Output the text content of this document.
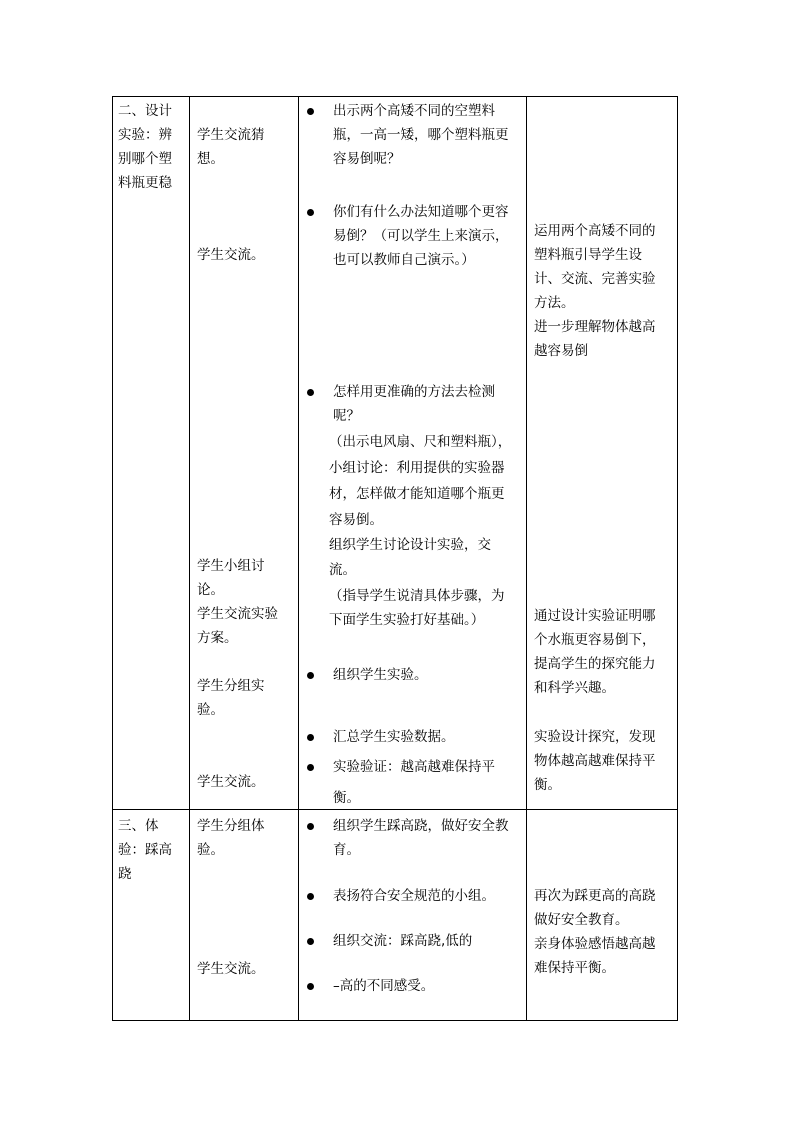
二、设计
实验：辨
别哪个塑
料瓶更稳
学生交流猜
想。
学生交流。
学生小组讨
论。
学生交流实验
方案。
学生分组实
验。
学生交流。
出示两个高矮不同的空塑料
瓶，一高一矮，哪个塑料瓶更
容易倒呢？
你们有什么办法知道哪个更容
易倒？（可以学生上来演示，
也可以教师自己演示。）
怎样用更准确的方法去检测
呢？
（出示电风扇、尺和塑料瓶），
小组讨论：利用提供的实验器
材，怎样做才能知道哪个瓶更
容易倒。
组织学生讨论设计实验，交
流。
（指导学生说清具体步骤，为
下面学生实验打好基础。）
组织学生实验。
汇总学生实验数据。
实验验证：越高越难保持平
衡。
运用两个高矮不同的
塑料瓶引导学生设
计、交流、完善实验
方法。
进一步理解物体越高
越容易倒
通过设计实验证明哪
个水瓶更容易倒下，
提高学生的探究能力
和科学兴趣。
实验设计探究，发现
物体越高越难保持平
衡。
三、体
验：踩高
跷
学生分组体
验。
学生交流。
组织学生踩高跷，做好安全教
育。
表扬符合安全规范的小组。
组织交流：踩高跷,低的
–高的不同感受。
再次为踩更高的高跷
做好安全教育。
亲身体验感悟越高越
难保持平衡。
